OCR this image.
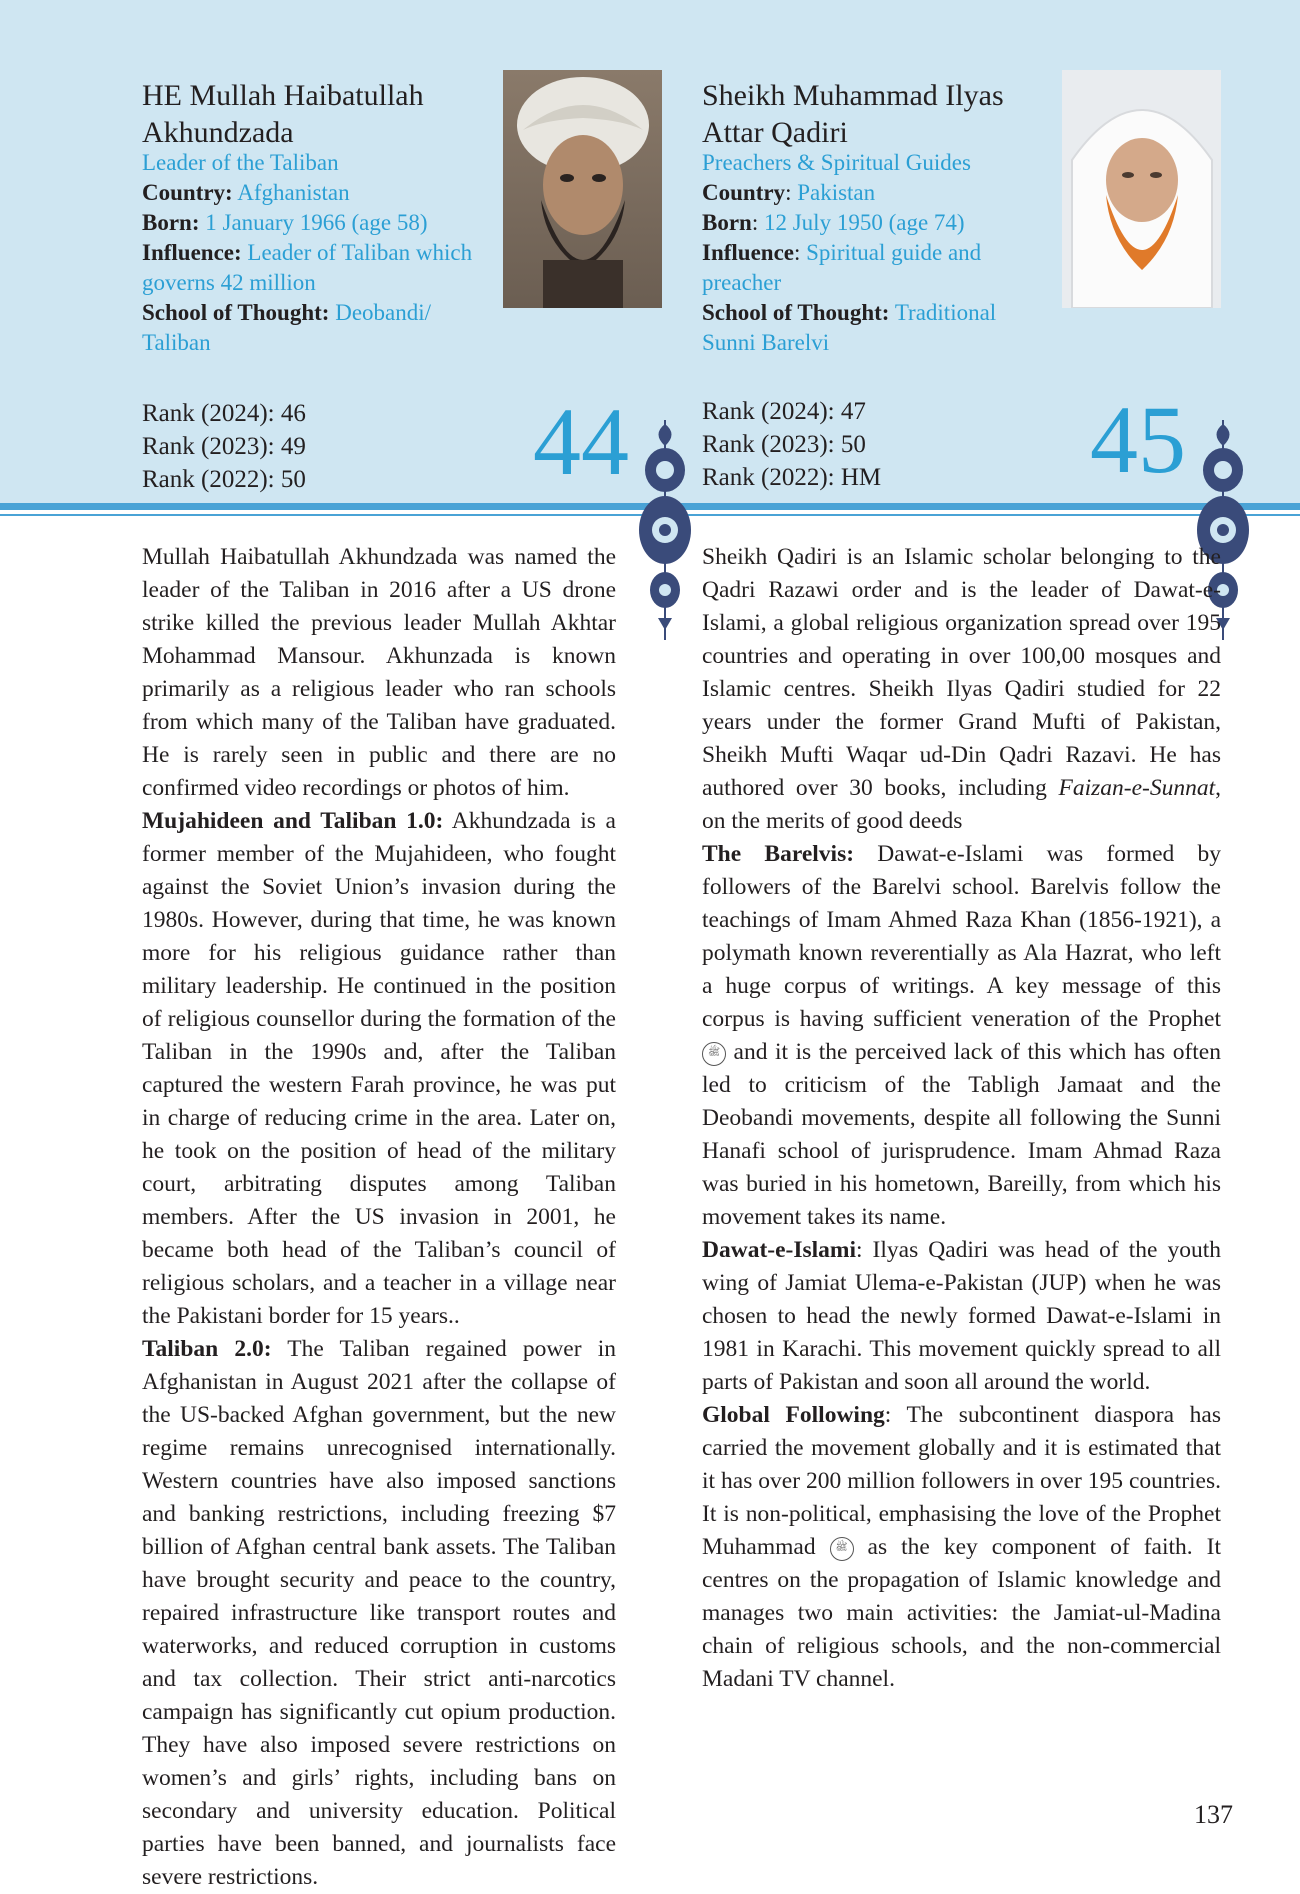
HE Mullah Haibatullah
Akhundzada
Leader of the Taliban
Country: Afghanistan
Born: 1 January 1966 (age 58)
Influence: Leader of Taliban which governs 42 million
School of Thought: Deobandi/ Taliban
Rank (2024): 46
Rank (2023): 49
Rank (2022): 50 44
Sheikh Muhammad Ilyas
Attar Qadiri
Preachers & Spiritual Guides
Country: Pakistan
Born: 12 July 1950 (age 74)
Influence: Spiritual guide and preacher
School of Thought: Traditional Sunni Barelvi
Rank (2024): 47
Rank (2023): 50
Rank (2022): HM 45

Mullah Haibatullah Akhundzada was named the leader of the Taliban in 2016 after a US drone strike killed the previous leader Mullah Akhtar Mohammad Mansour. Akhunzada is known primarily as a religious leader who ran schools from which many of the Taliban have graduated. He is rarely seen in public and there are no confirmed video recordings or photos of him.

Mujahideen and Taliban 1.0: Akhundzada is a former member of the Mujahideen, who fought against the Soviet Union’s invasion during the 1980s. However, during that time, he was known more for his religious guidance rather than military leadership. He continued in the position of religious counsellor during the formation of the Taliban in the 1990s and, after the Taliban captured the western Farah province, he was put in charge of reducing crime in the area. Later on, he took on the position of head of the military court, arbitrating disputes among Taliban members. After the US invasion in 2001, he became both head of the Taliban’s council of religious scholars, and a teacher in a village near the Pakistani border for 15 years..

Taliban 2.0: The Taliban regained power in Afghanistan in August 2021 after the collapse of the US-backed Afghan government, but the new regime remains unrecognised internationally. Western countries have also imposed sanctions and banking restrictions, including freezing $7 billion of Afghan central bank assets. The Taliban have brought security and peace to the country, repaired infrastructure like transport routes and waterworks, and reduced corruption in customs and tax collection. Their strict anti-narcotics campaign has significantly cut opium production. They have also imposed severe restrictions on women’s and girls’ rights, including bans on secondary and university education. Political parties have been banned, and journalists face severe restrictions.

Sheikh Qadiri is an Islamic scholar belonging to the Qadri Razawi order and is the leader of Dawat-e-Islami, a global religious organization spread over 195 countries and operating in over 100,00 mosques and Islamic centres. Sheikh Ilyas Qadiri studied for 22 years under the former Grand Mufti of Pakistan, Sheikh Mufti Waqar ud-Din Qadri Razavi. He has authored over 30 books, including Faizan-e-Sunnat, on the merits of good deeds

The Barelvis: Dawat-e-Islami was formed by followers of the Barelvi school. Barelvis follow the teachings of Imam Ahmed Raza Khan (1856-1921), a polymath known reverentially as Ala Hazrat, who left a huge corpus of writings. A key message of this corpus is having sufficient veneration of the Prophet ﷺ and it is the perceived lack of this which has often led to criticism of the Tabligh Jamaat and the Deobandi movements, despite all following the Sunni Hanafi school of jurisprudence. Imam Ahmad Raza was buried in his hometown, Bareilly, from which his movement takes its name.

Dawat-e-Islami: Ilyas Qadiri was head of the youth wing of Jamiat Ulema-e-Pakistan (JUP) when he was chosen to head the newly formed Dawat-e-Islami in 1981 in Karachi. This movement quickly spread to all parts of Pakistan and soon all around the world.

Global Following: The subcontinent diaspora has carried the movement globally and it is estimated that it has over 200 million followers in over 195 countries. It is non-political, emphasising the love of the Prophet Muhammad ﷺ as the key component of faith. It centres on the propagation of Islamic knowledge and manages two main activities: the Jamiat-ul-Madina chain of religious schools, and the non-commercial Madani TV channel.

137
